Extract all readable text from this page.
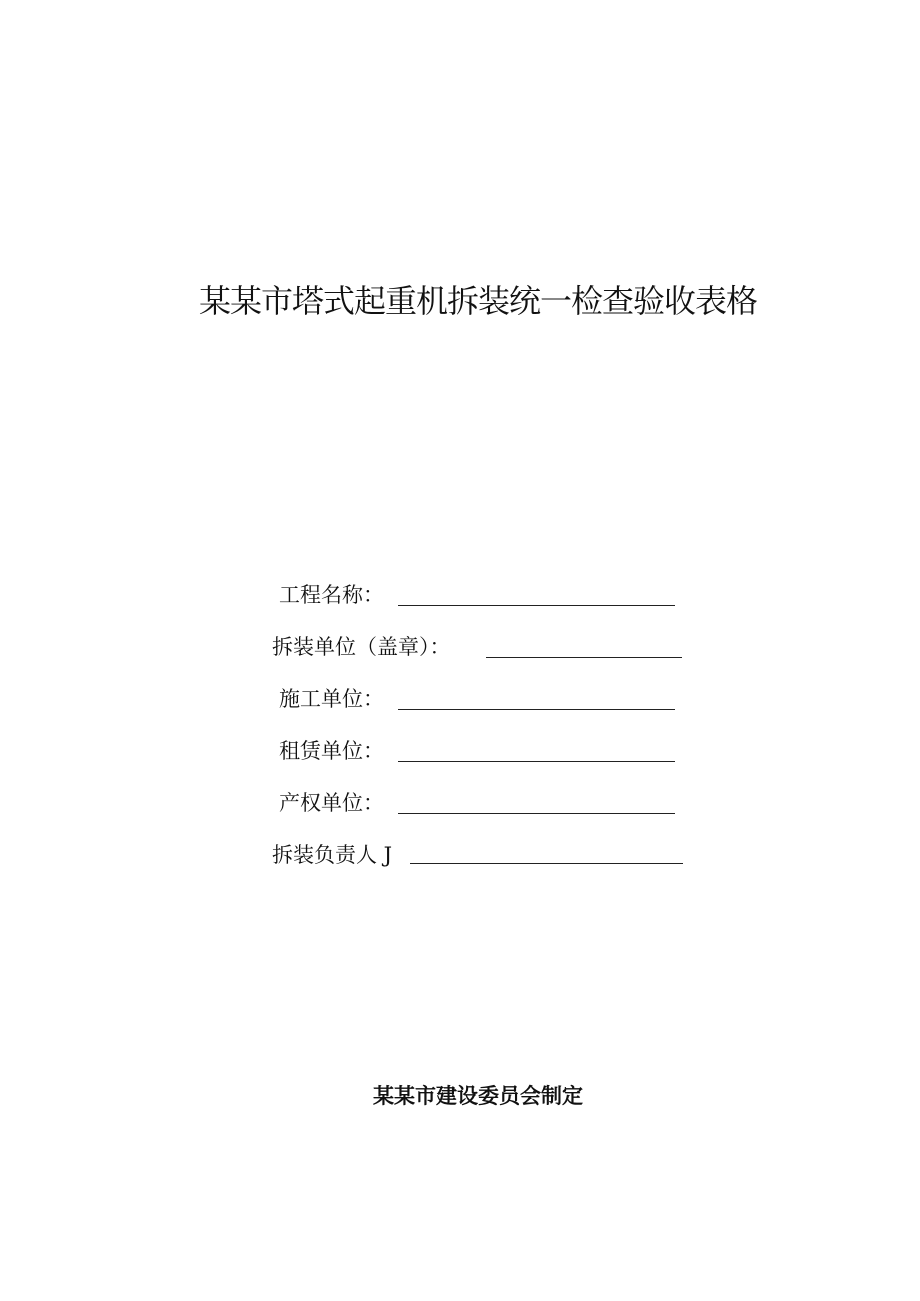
某某市塔式起重机拆装统一检查验收表格
工程名称：
拆装单位（盖章）：
施工单位：
租赁单位：
产权单位：
拆装负责人 J
某某市建设委员会制定
